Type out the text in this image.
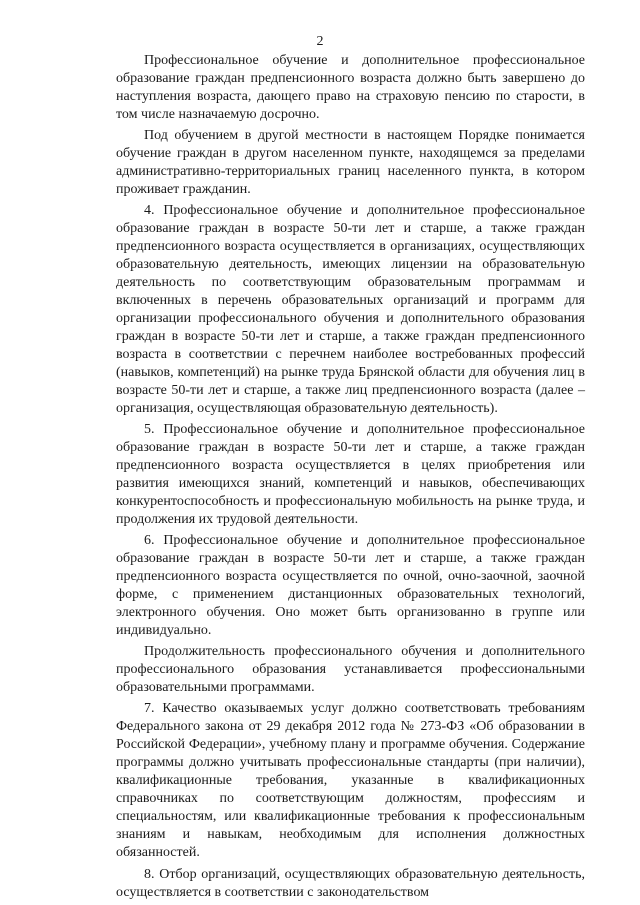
2

Профессиональное обучение и дополнительное профессиональное образование граждан предпенсионного возраста должно быть завершено до наступления возраста, дающего право на страховую пенсию по старости, в том числе назначаемую досрочно.

Под обучением в другой местности в настоящем Порядке понимается обучение граждан в другом населенном пункте, находящемся за пределами административно-территориальных границ населенного пункта, в котором проживает гражданин.

4. Профессиональное обучение и дополнительное профессиональное образование граждан в возрасте 50-ти лет и старше, а также граждан предпенсионного возраста осуществляется в организациях, осуществляющих образовательную деятельность, имеющих лицензии на образовательную деятельность по соответствующим образовательным программам и включенных в перечень образовательных организаций и программ для организации профессионального обучения и дополнительного образования граждан в возрасте 50-ти лет и старше, а также граждан предпенсионного возраста в соответствии с перечнем наиболее востребованных профессий (навыков, компетенций) на рынке труда Брянской области для обучения лиц в возрасте 50-ти лет и старше, а также лиц предпенсионного возраста (далее – организация, осуществляющая образовательную деятельность).

5. Профессиональное обучение и дополнительное профессиональное образование граждан в возрасте 50-ти лет и старше, а также граждан предпенсионного возраста осуществляется в целях приобретения или развития имеющихся знаний, компетенций и навыков, обеспечивающих конкурентоспособность и профессиональную мобильность на рынке труда, и продолжения их трудовой деятельности.

6. Профессиональное обучение и дополнительное профессиональное образование граждан в возрасте 50-ти лет и старше, а также граждан предпенсионного возраста осуществляется по очной, очно-заочной, заочной форме, с применением дистанционных образовательных технологий, электронного обучения. Оно может быть организованно в группе или индивидуально.

Продолжительность профессионального обучения и дополнительного профессионального образования устанавливается профессиональными образовательными программами.

7. Качество оказываемых услуг должно соответствовать требованиям Федерального закона от 29 декабря 2012 года № 273-ФЗ «Об образовании в Российской Федерации», учебному плану и программе обучения. Содержание программы должно учитывать профессиональные стандарты (при наличии), квалификационные требования, указанные в квалификационных справочниках по соответствующим должностям, профессиям и специальностям, или квалификационные требования к профессиональным знаниям и навыкам, необходимым для исполнения должностных обязанностей.

8. Отбор организаций, осуществляющих образовательную деятельность, осуществляется в соответствии с законодательством
